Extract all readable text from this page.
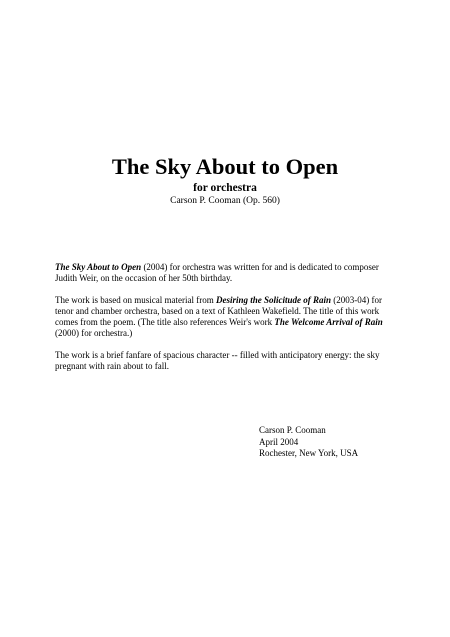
The Sky About to Open
for orchestra
Carson P. Cooman (Op. 560)

The Sky About to Open (2004) for orchestra was written for and is dedicated to composer Judith Weir, on the occasion of her 50th birthday.

The work is based on musical material from Desiring the Solicitude of Rain (2003-04) for tenor and chamber orchestra, based on a text of Kathleen Wakefield. The title of this work comes from the poem. (The title also references Weir's work The Welcome Arrival of Rain (2000) for orchestra.)

The work is a brief fanfare of spacious character -- filled with anticipatory energy: the sky pregnant with rain about to fall.

Carson P. Cooman
April 2004
Rochester, New York, USA
